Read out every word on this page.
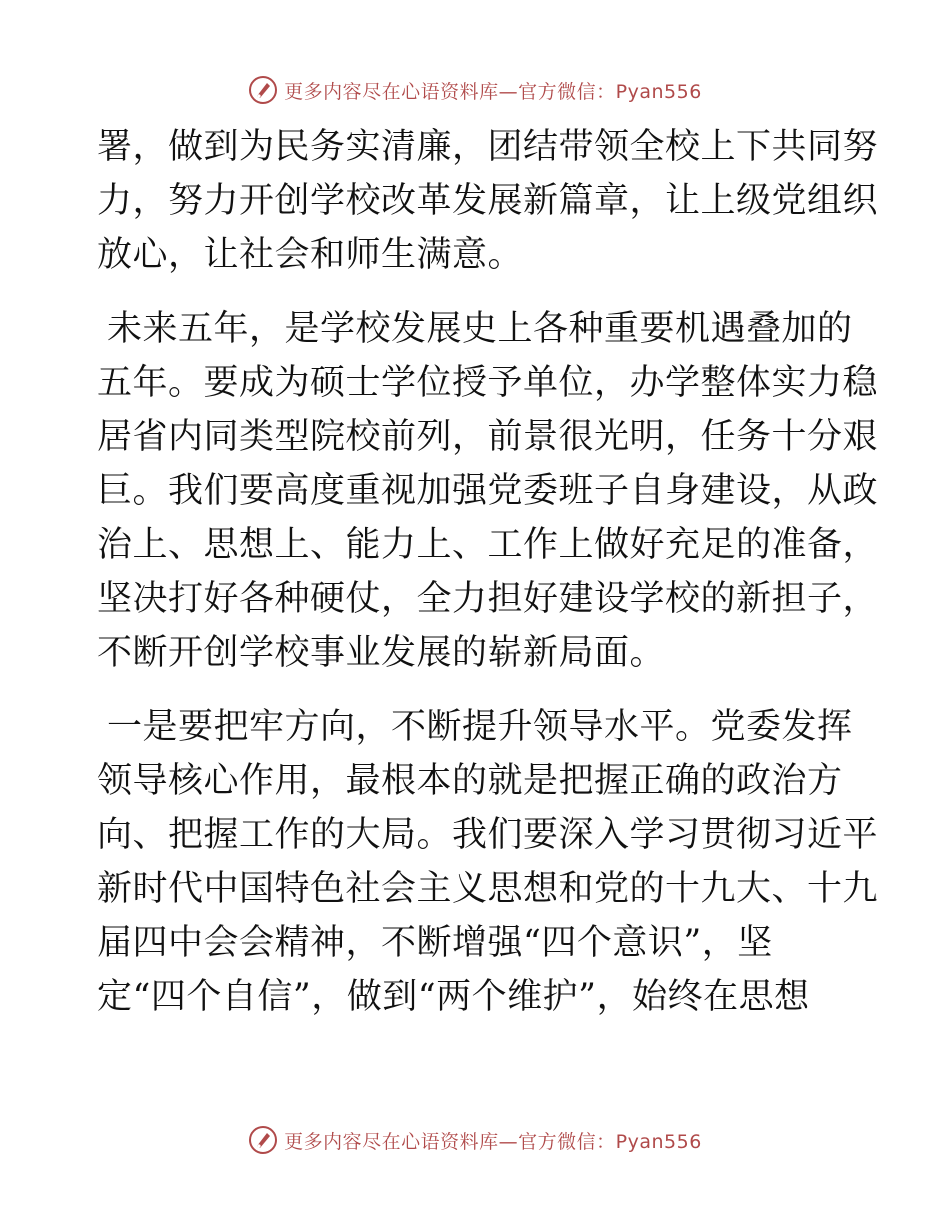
更多内容尽在心语资料库—官方微信：Pyan556
署，做到为民务实清廉，团结带领全校上下共同努
力，努力开创学校改革发展新篇章，让上级党组织
放心，让社会和师生满意。
未来五年，是学校发展史上各种重要机遇叠加的
五年。要成为硕士学位授予单位，办学整体实力稳
居省内同类型院校前列，前景很光明，任务十分艰
巨。我们要高度重视加强党委班子自身建设，从政
治上、思想上、能力上、工作上做好充足的准备，
坚决打好各种硬仗，全力担好建设学校的新担子，
不断开创学校事业发展的崭新局面。
一是要把牢方向，不断提升领导水平。党委发挥
领导核心作用，最根本的就是把握正确的政治方
向、把握工作的大局。我们要深入学习贯彻习近平
新时代中国特色社会主义思想和党的十九大、十九
届四中会会精神，不断增强“四个意识”，坚
定“四个自信”，做到“两个维护”，始终在思想
更多内容尽在心语资料库—官方微信：Pyan556
